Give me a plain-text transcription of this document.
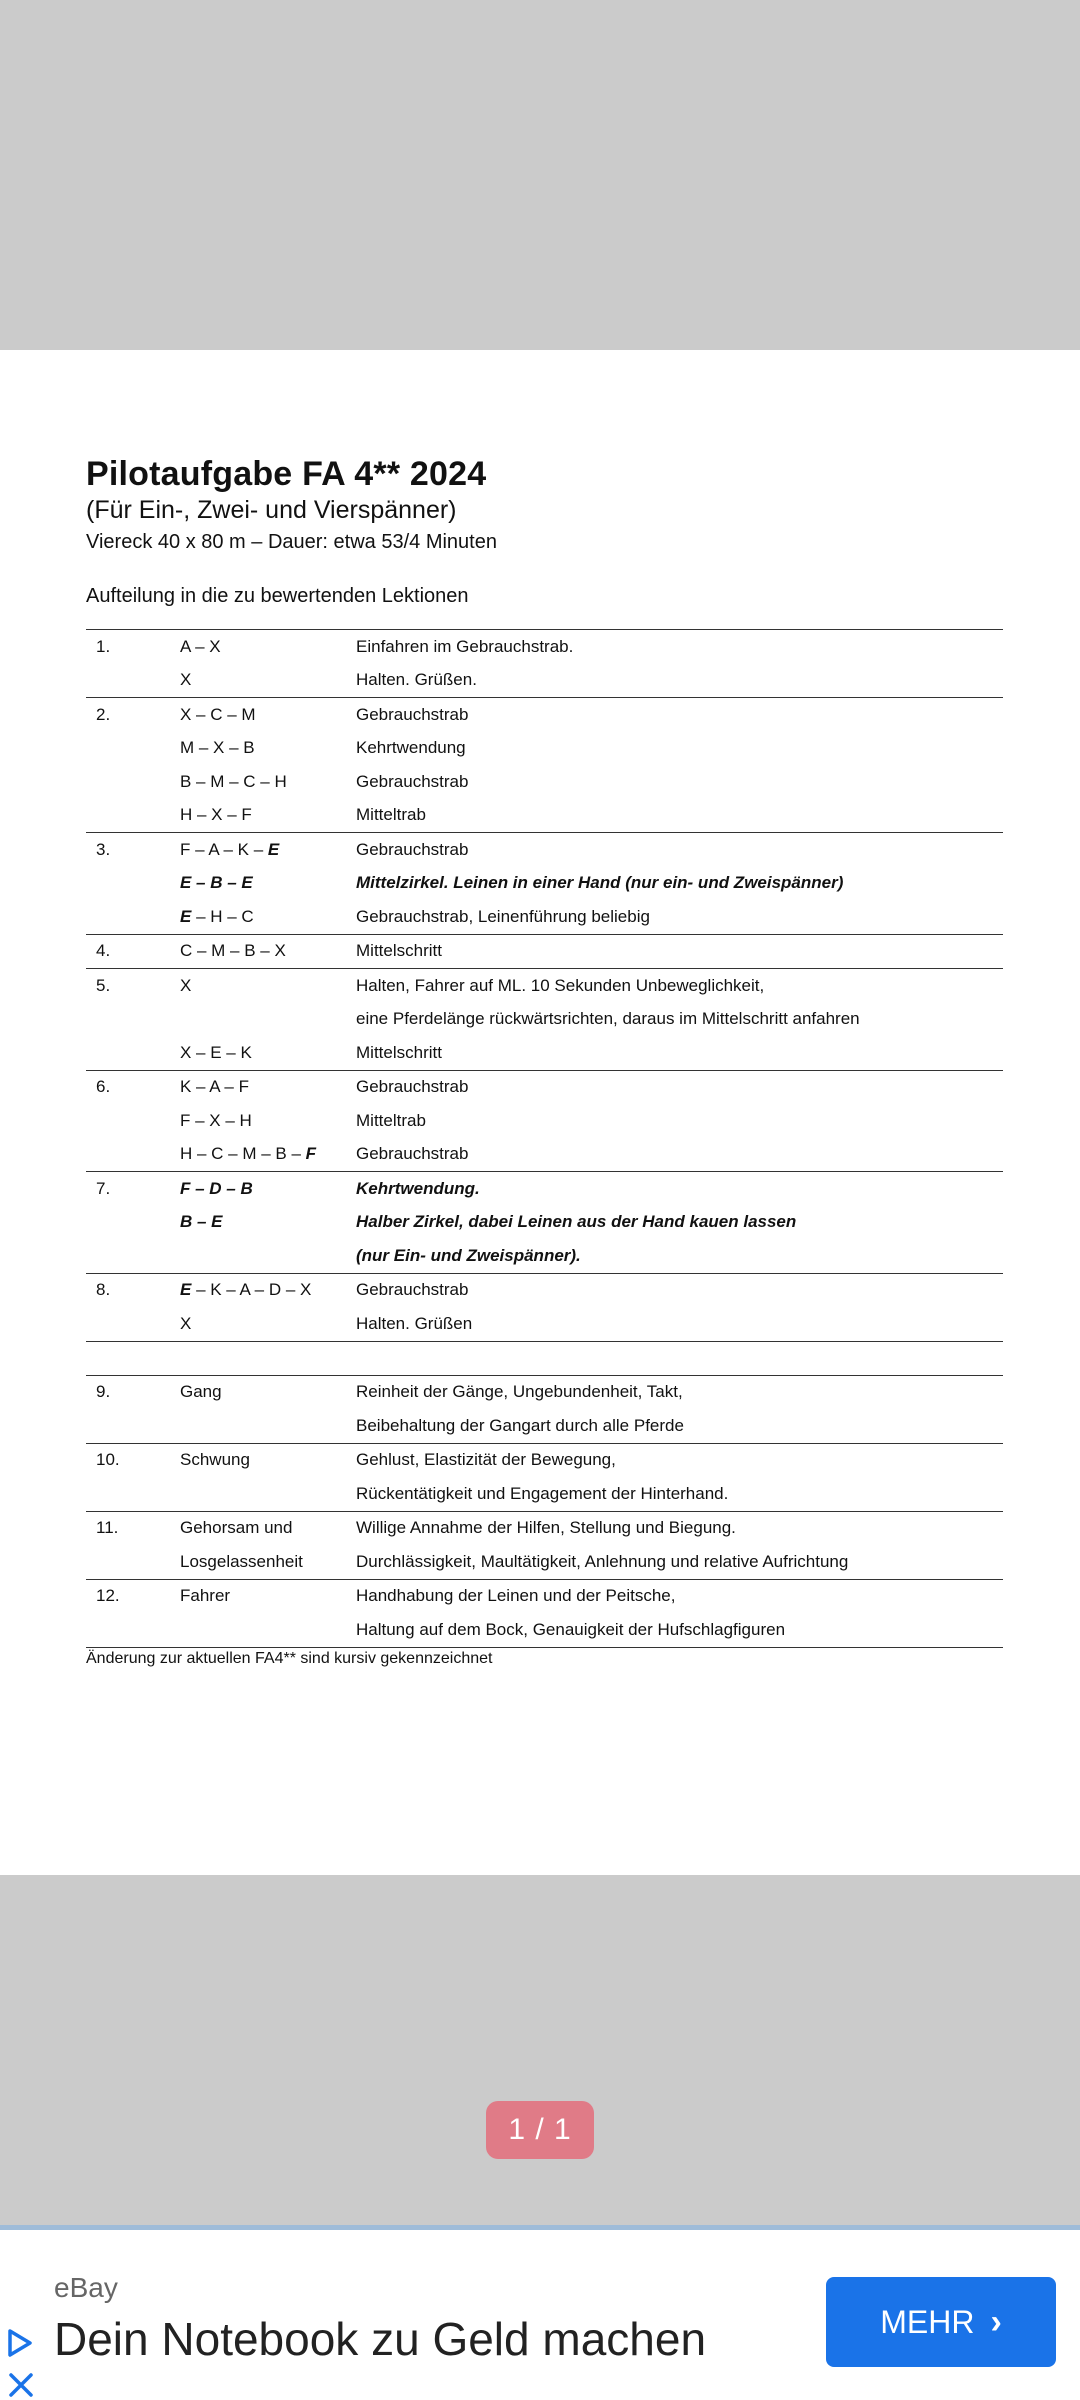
Pilotaufgabe FA 4** 2024
(Für Ein-, Zwei- und Vierspänner)
Viereck 40 x 80 m – Dauer: etwa 53/4 Minuten
Aufteilung in die zu bewertenden Lektionen
1.	A – X	Einfahren im Gebrauchstrab.
	X	Halten. Grüßen.
2.	X – C – M	Gebrauchstrab
	M – X – B	Kehrtwendung
	B – M – C – H	Gebrauchstrab
	H – X – F	Mitteltrab
3.	F – A – K – E	Gebrauchstrab
	E – B – E	Mittelzirkel. Leinen in einer Hand (nur ein- und Zweispänner)
	E – H – C	Gebrauchstrab, Leinenführung beliebig
4.	C – M – B – X	Mittelschritt
5.	X	Halten, Fahrer auf ML. 10 Sekunden Unbeweglichkeit,
		eine Pferdelänge rückwärtsrichten, daraus im Mittelschritt anfahren
	X – E – K	Mittelschritt
6.	K – A – F	Gebrauchstrab
	F – X – H	Mitteltrab
	H – C – M – B – F	Gebrauchstrab
7.	F – D – B	Kehrtwendung.
	B – E	Halber Zirkel, dabei Leinen aus der Hand kauen lassen
		(nur Ein- und Zweispänner).
8.	E – K – A – D – X	Gebrauchstrab
	X	Halten. Grüßen

9.	Gang	Reinheit der Gänge, Ungebundenheit, Takt,
		Beibehaltung der Gangart durch alle Pferde
10.	Schwung	Gehlust, Elastizität der Bewegung,
		Rückentätigkeit und Engagement der Hinterhand.
11.	Gehorsam und	Willige Annahme der Hilfen, Stellung und Biegung.
	Losgelassenheit	Durchlässigkeit, Maultätigkeit, Anlehnung und relative Aufrichtung
12.	Fahrer	Handhabung der Leinen und der Peitsche,
		Haltung auf dem Bock, Genauigkeit der Hufschlagfiguren
Änderung zur aktuellen FA4** sind kursiv gekennzeichnet
1 / 1
eBay
Dein Notebook zu Geld machen	MEHR ›
